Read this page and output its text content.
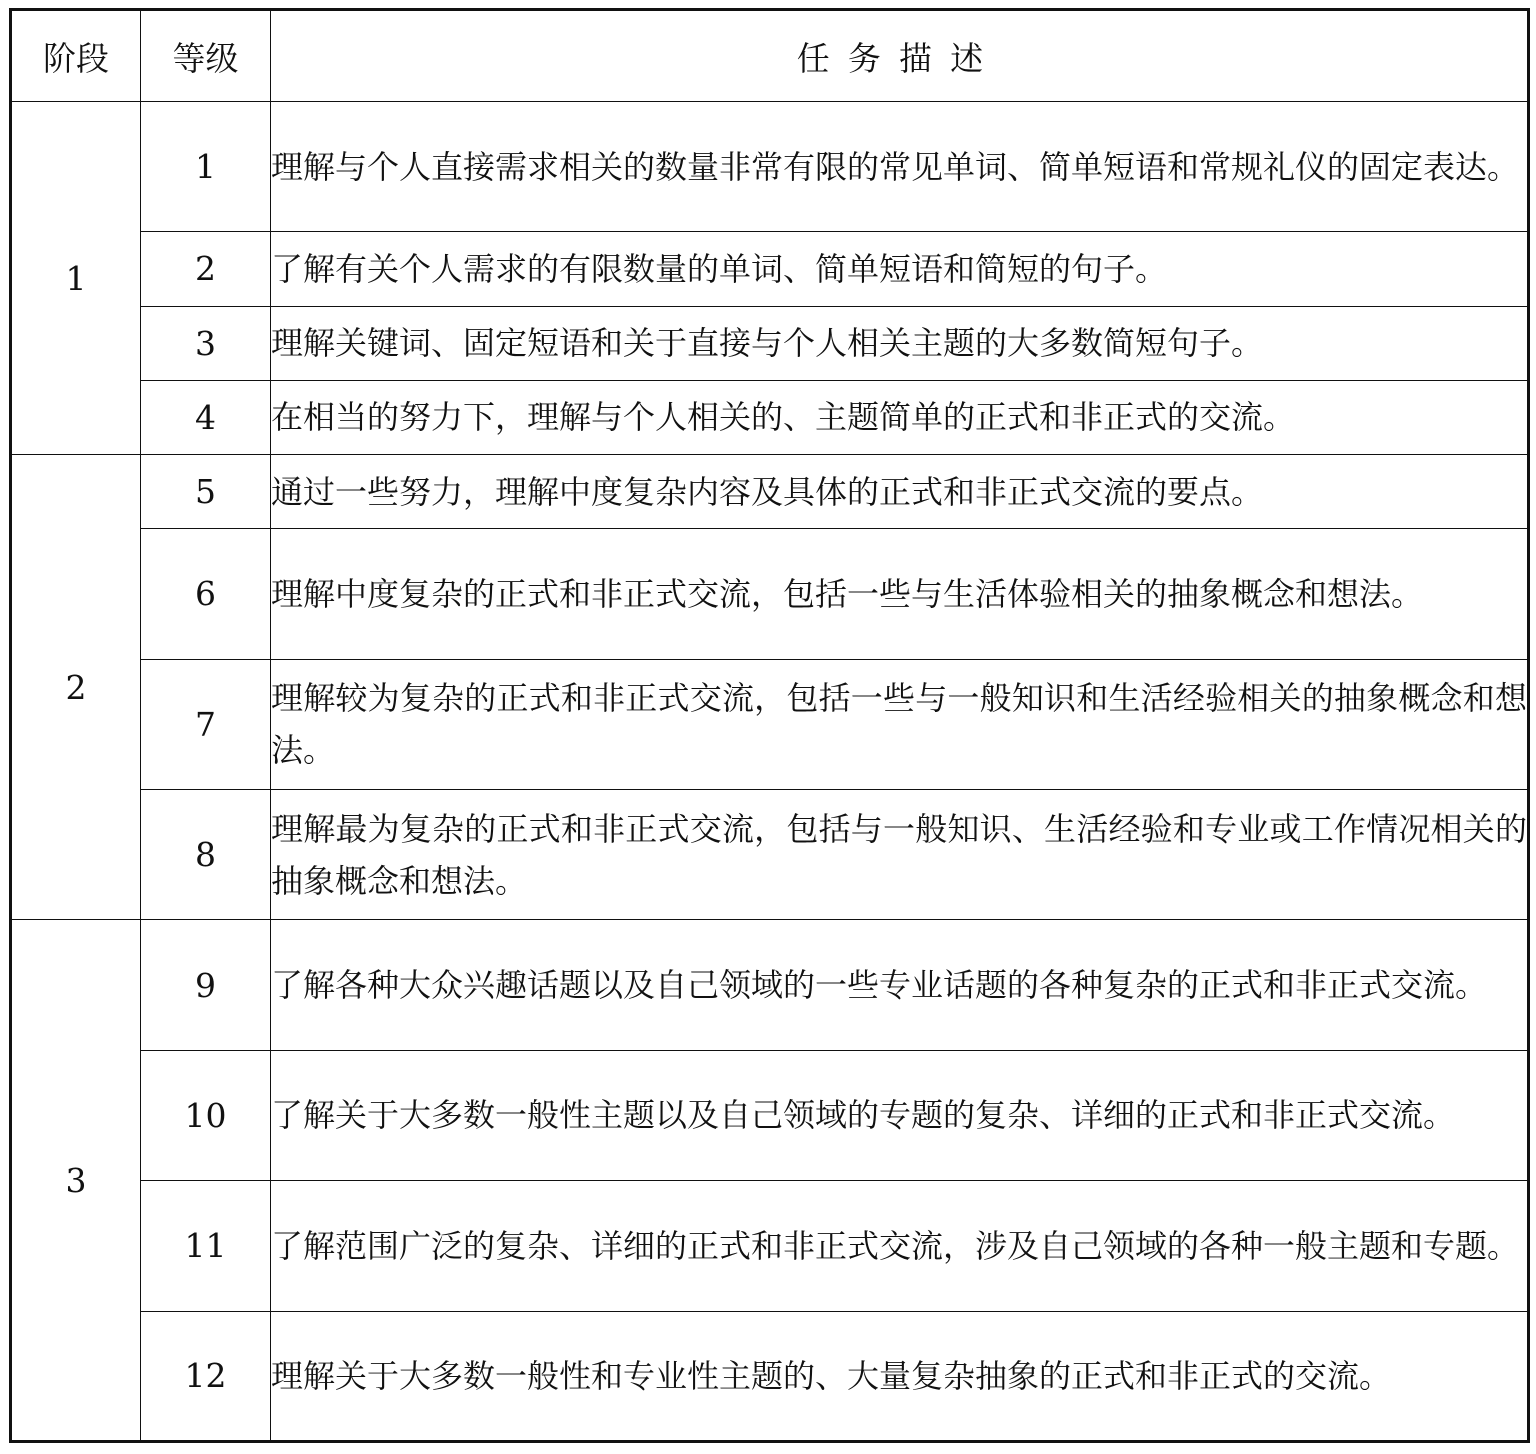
阶段	等级	任务描述
1	1	理解与个人直接需求相关的数量非常有限的常见单词、简单短语和常规礼仪的固定表达。
	2	了解有关个人需求的有限数量的单词、简单短语和简短的句子。
	3	理解关键词、固定短语和关于直接与个人相关主题的大多数简短句子。
	4	在相当的努力下，理解与个人相关的、主题简单的正式和非正式的交流。
2	5	通过一些努力，理解中度复杂内容及具体的正式和非正式交流的要点。
	6	理解中度复杂的正式和非正式交流，包括一些与生活体验相关的抽象概念和想法。
	7	理解较为复杂的正式和非正式交流，包括一些与一般知识和生活经验相关的抽象概念和想法。
	8	理解最为复杂的正式和非正式交流，包括与一般知识、生活经验和专业或工作情况相关的抽象概念和想法。
3	9	了解各种大众兴趣话题以及自己领域的一些专业话题的各种复杂的正式和非正式交流。
	10	了解关于大多数一般性主题以及自己领域的专题的复杂、详细的正式和非正式交流。
	11	了解范围广泛的复杂、详细的正式和非正式交流，涉及自己领域的各种一般主题和专题。
	12	理解关于大多数一般性和专业性主题的、大量复杂抽象的正式和非正式的交流。
